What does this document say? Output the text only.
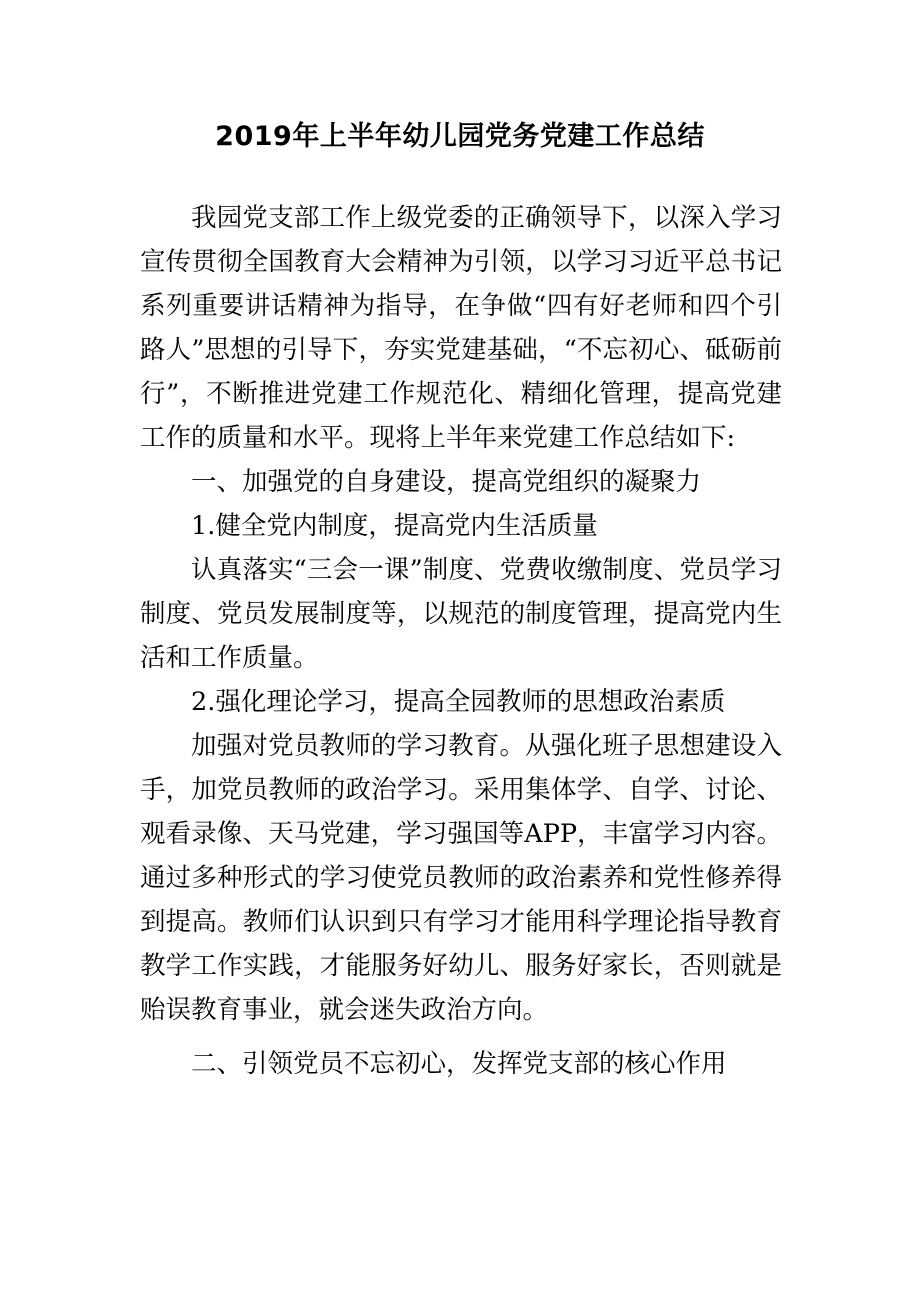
2019年上半年幼儿园党务党建工作总结

我园党支部工作上级党委的正确领导下，以深入学习宣传贯彻全国教育大会精神为引领，以学习习近平总书记系列重要讲话精神为指导，在争做“四有好老师和四个引路人”思想的引导下，夯实党建基础，“不忘初心、砥砺前行”，不断推进党建工作规范化、精细化管理，提高党建工作的质量和水平。现将上半年来党建工作总结如下:

一、加强党的自身建设，提高党组织的凝聚力

1.健全党内制度，提高党内生活质量

认真落实“三会一课”制度、党费收缴制度、党员学习制度、党员发展制度等，以规范的制度管理，提高党内生活和工作质量。

2.强化理论学习，提高全园教师的思想政治素质

加强对党员教师的学习教育。从强化班子思想建设入手，加党员教师的政治学习。采用集体学、自学、讨论、观看录像、天马党建，学习强国等APP，丰富学习内容。通过多种形式的学习使党员教师的政治素养和党性修养得到提高。教师们认识到只有学习才能用科学理论指导教育教学工作实践，才能服务好幼儿、服务好家长，否则就是贻误教育事业，就会迷失政治方向。

二、引领党员不忘初心，发挥党支部的核心作用
